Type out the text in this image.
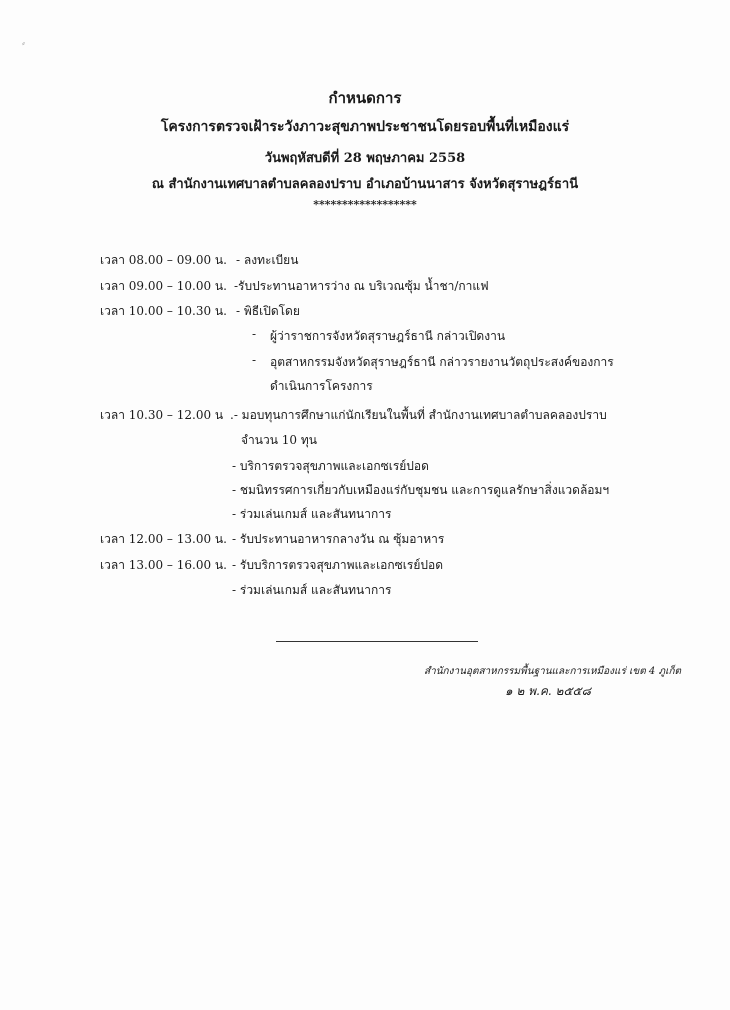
⸗
กำหนดการ
โครงการตรวจเฝ้าระวังภาวะสุขภาพประชาชนโดยรอบพื้นที่เหมืองแร่
วันพฤหัสบดีที่ 28 พฤษภาคม 2558
ณ สำนักงานเทศบาลตำบลคลองปราบ อำเภอบ้านนาสาร จังหวัดสุราษฎร์ธานี
******************
เวลา 08.00 – 09.00 น. - ลงทะเบียน
เวลา 09.00 – 10.00 น. -รับประทานอาหารว่าง ณ บริเวณซุ้ม น้ำชา/กาแฟ
เวลา 10.00 – 10.30 น. - พิธีเปิดโดย
- ผู้ว่าราชการจังหวัดสุราษฎร์ธานี กล่าวเปิดงาน
- อุตสาหกรรมจังหวัดสุราษฎร์ธานี กล่าวรายงานวัตถุประสงค์ของการ
ดำเนินการโครงการ
เวลา 10.30 – 12.00 น .- มอบทุนการศึกษาแก่นักเรียนในพื้นที่ สำนักงานเทศบาลตำบลคลองปราบ
จำนวน 10 ทุน
- บริการตรวจสุขภาพและเอกซเรย์ปอด
- ชมนิทรรศการเกี่ยวกับเหมืองแร่กับชุมชน และการดูแลรักษาสิ่งแวดล้อมฯ
- ร่วมเล่นเกมส์ และสันทนาการ
เวลา 12.00 – 13.00 น. - รับประทานอาหารกลางวัน ณ ซุ้มอาหาร
เวลา 13.00 – 16.00 น. - รับบริการตรวจสุขภาพและเอกซเรย์ปอด
- ร่วมเล่นเกมส์ และสันทนาการ
สำนักงานอุตสาหกรรมพื้นฐานและการเหมืองแร่ เขต 4 ภูเก็ต
๑ ๒ พ.ค. ๒๕๕๘
